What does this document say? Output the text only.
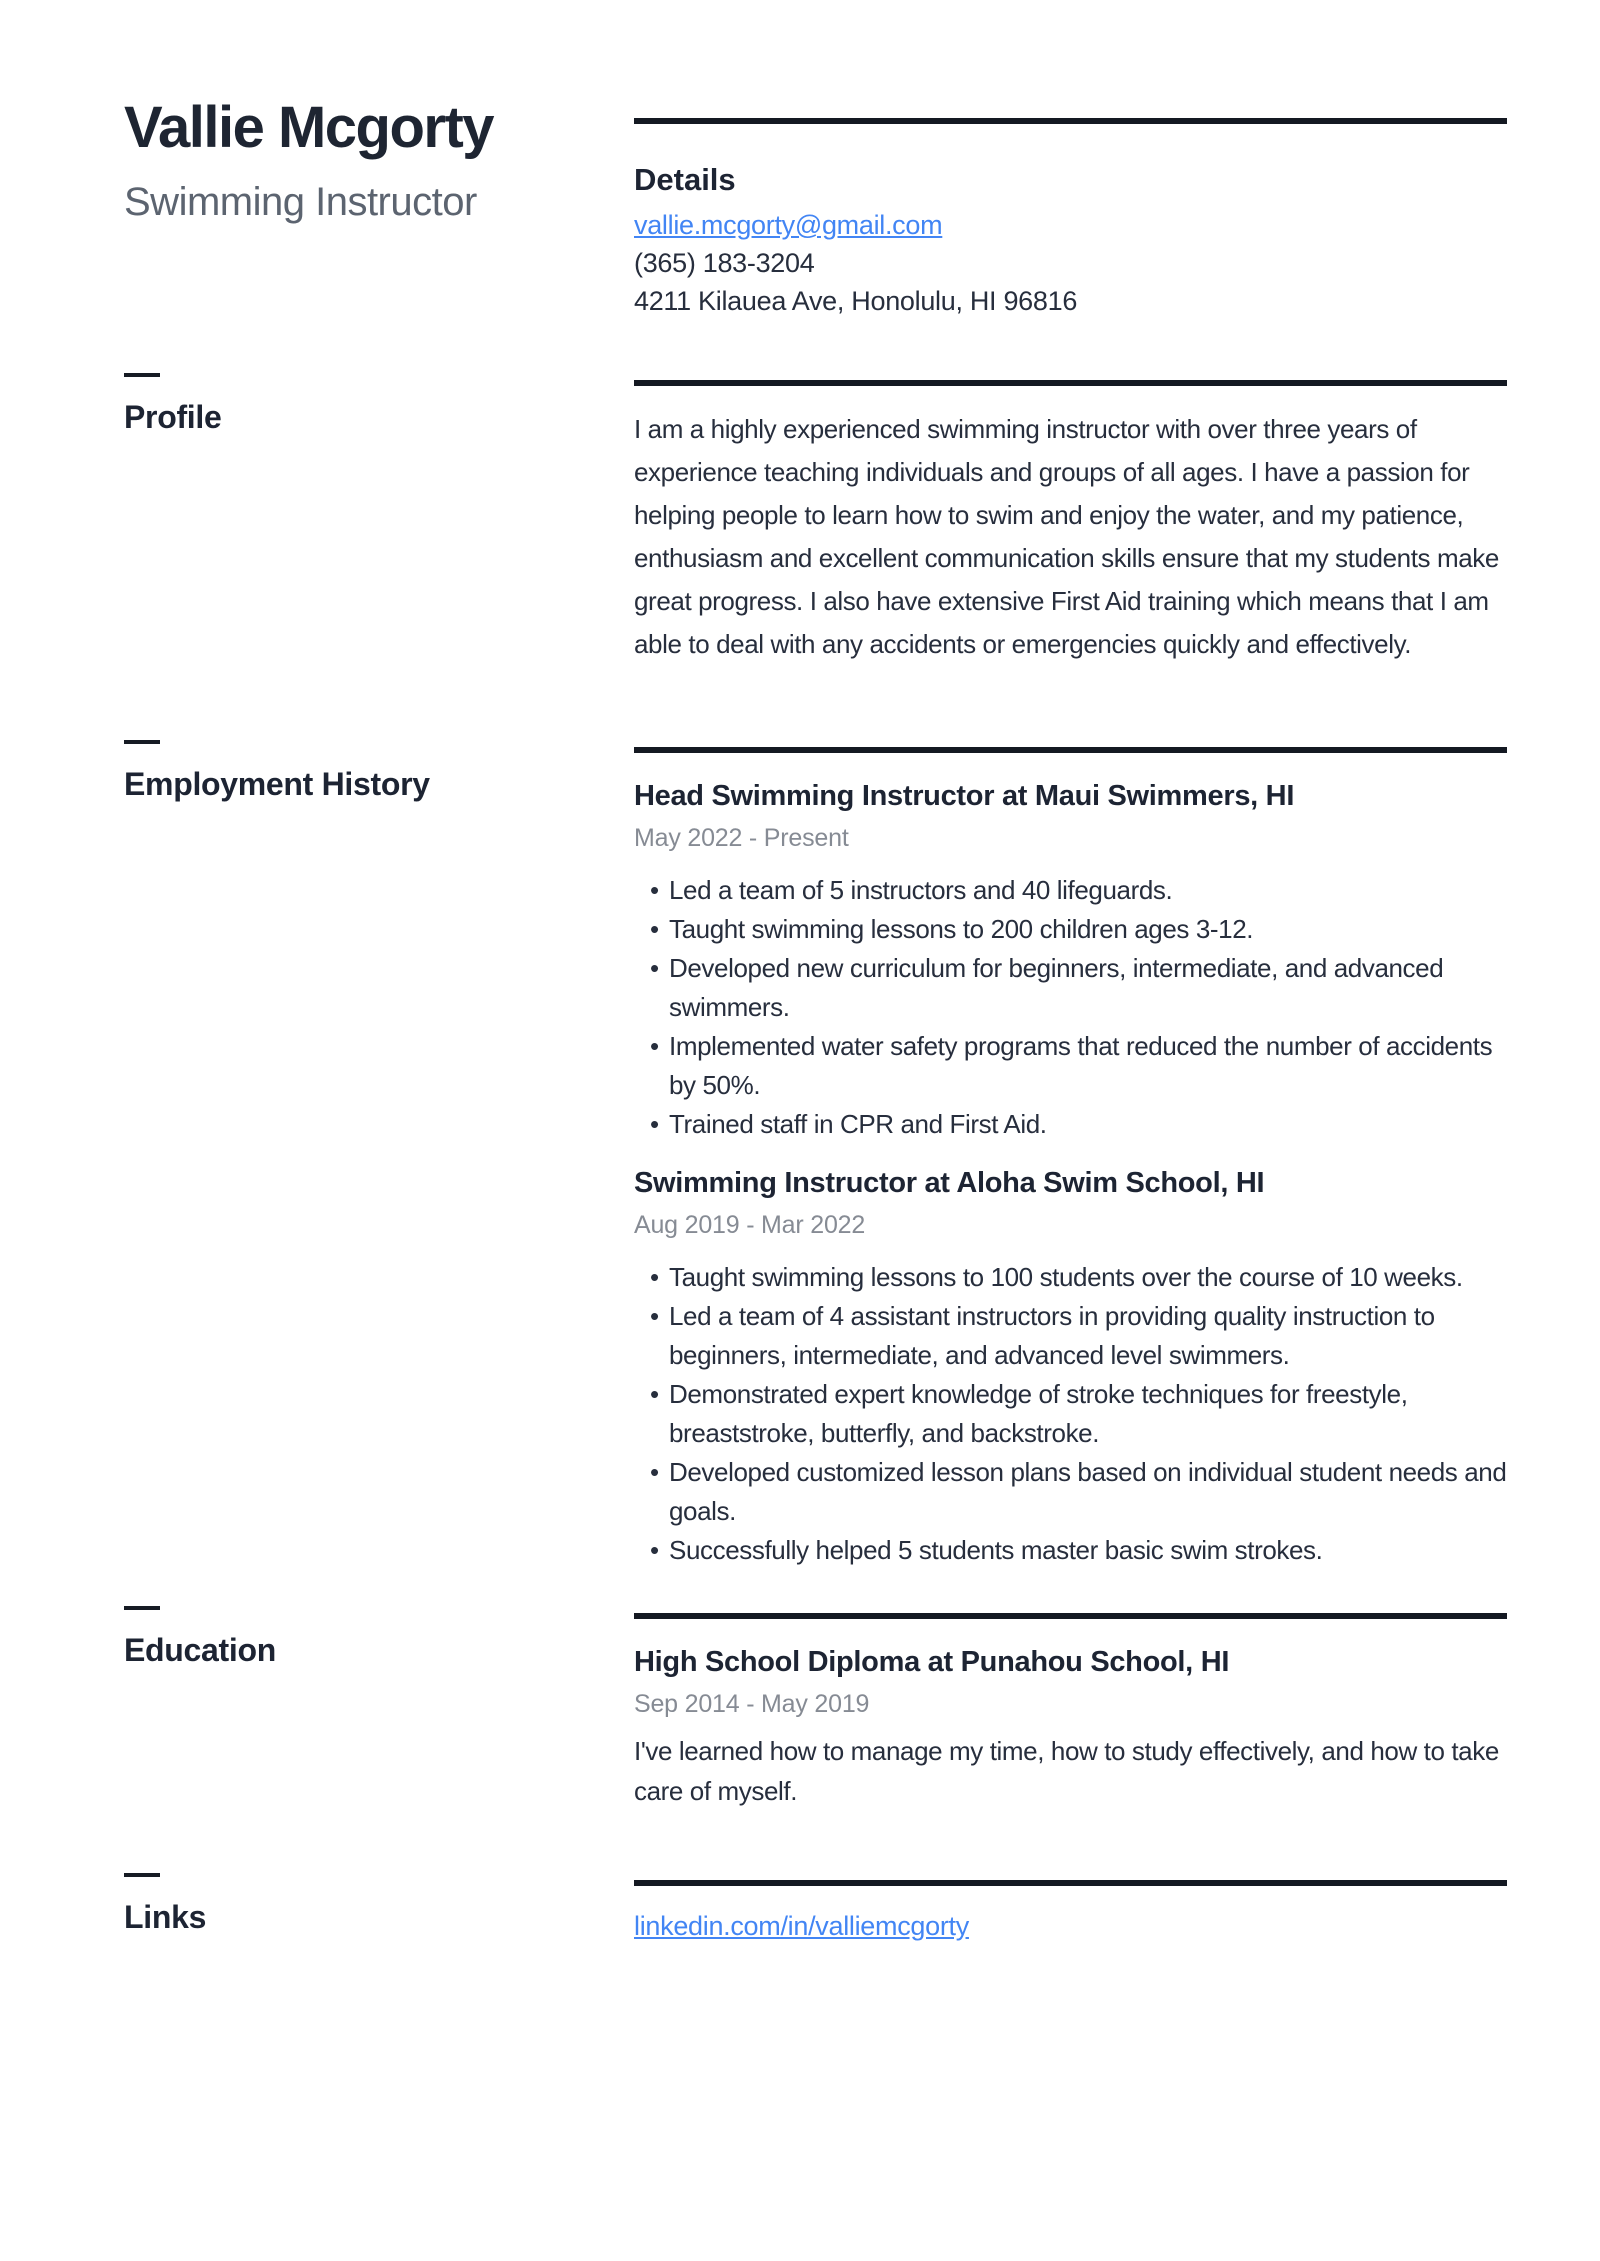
Vallie Mcgorty
Swimming Instructor
Details
vallie.mcgorty@gmail.com
(365) 183-3204
4211 Kilauea Ave, Honolulu, HI 96816
Profile	I am a highly experienced swimming instructor with over three years of experience teaching individuals and groups of all ages. I have a passion for helping people to learn how to swim and enjoy the water, and my patience, enthusiasm and excellent communication skills ensure that my students make great progress. I also have extensive First Aid training which means that I am able to deal with any accidents or emergencies quickly and effectively.
Employment History	Head Swimming Instructor at Maui Swimmers, HI
May 2022 - Present
• Led a team of 5 instructors and 40 lifeguards.
• Taught swimming lessons to 200 children ages 3-12.
• Developed new curriculum for beginners, intermediate, and advanced swimmers.
• Implemented water safety programs that reduced the number of accidents by 50%.
• Trained staff in CPR and First Aid.
Swimming Instructor at Aloha Swim School, HI
Aug 2019 - Mar 2022
• Taught swimming lessons to 100 students over the course of 10 weeks.
• Led a team of 4 assistant instructors in providing quality instruction to beginners, intermediate, and advanced level swimmers.
• Demonstrated expert knowledge of stroke techniques for freestyle, breaststroke, butterfly, and backstroke.
• Developed customized lesson plans based on individual student needs and goals.
• Successfully helped 5 students master basic swim strokes.
Education	High School Diploma at Punahou School, HI
Sep 2014 - May 2019
I've learned how to manage my time, how to study effectively, and how to take care of myself.
Links	linkedin.com/in/valliemcgorty
